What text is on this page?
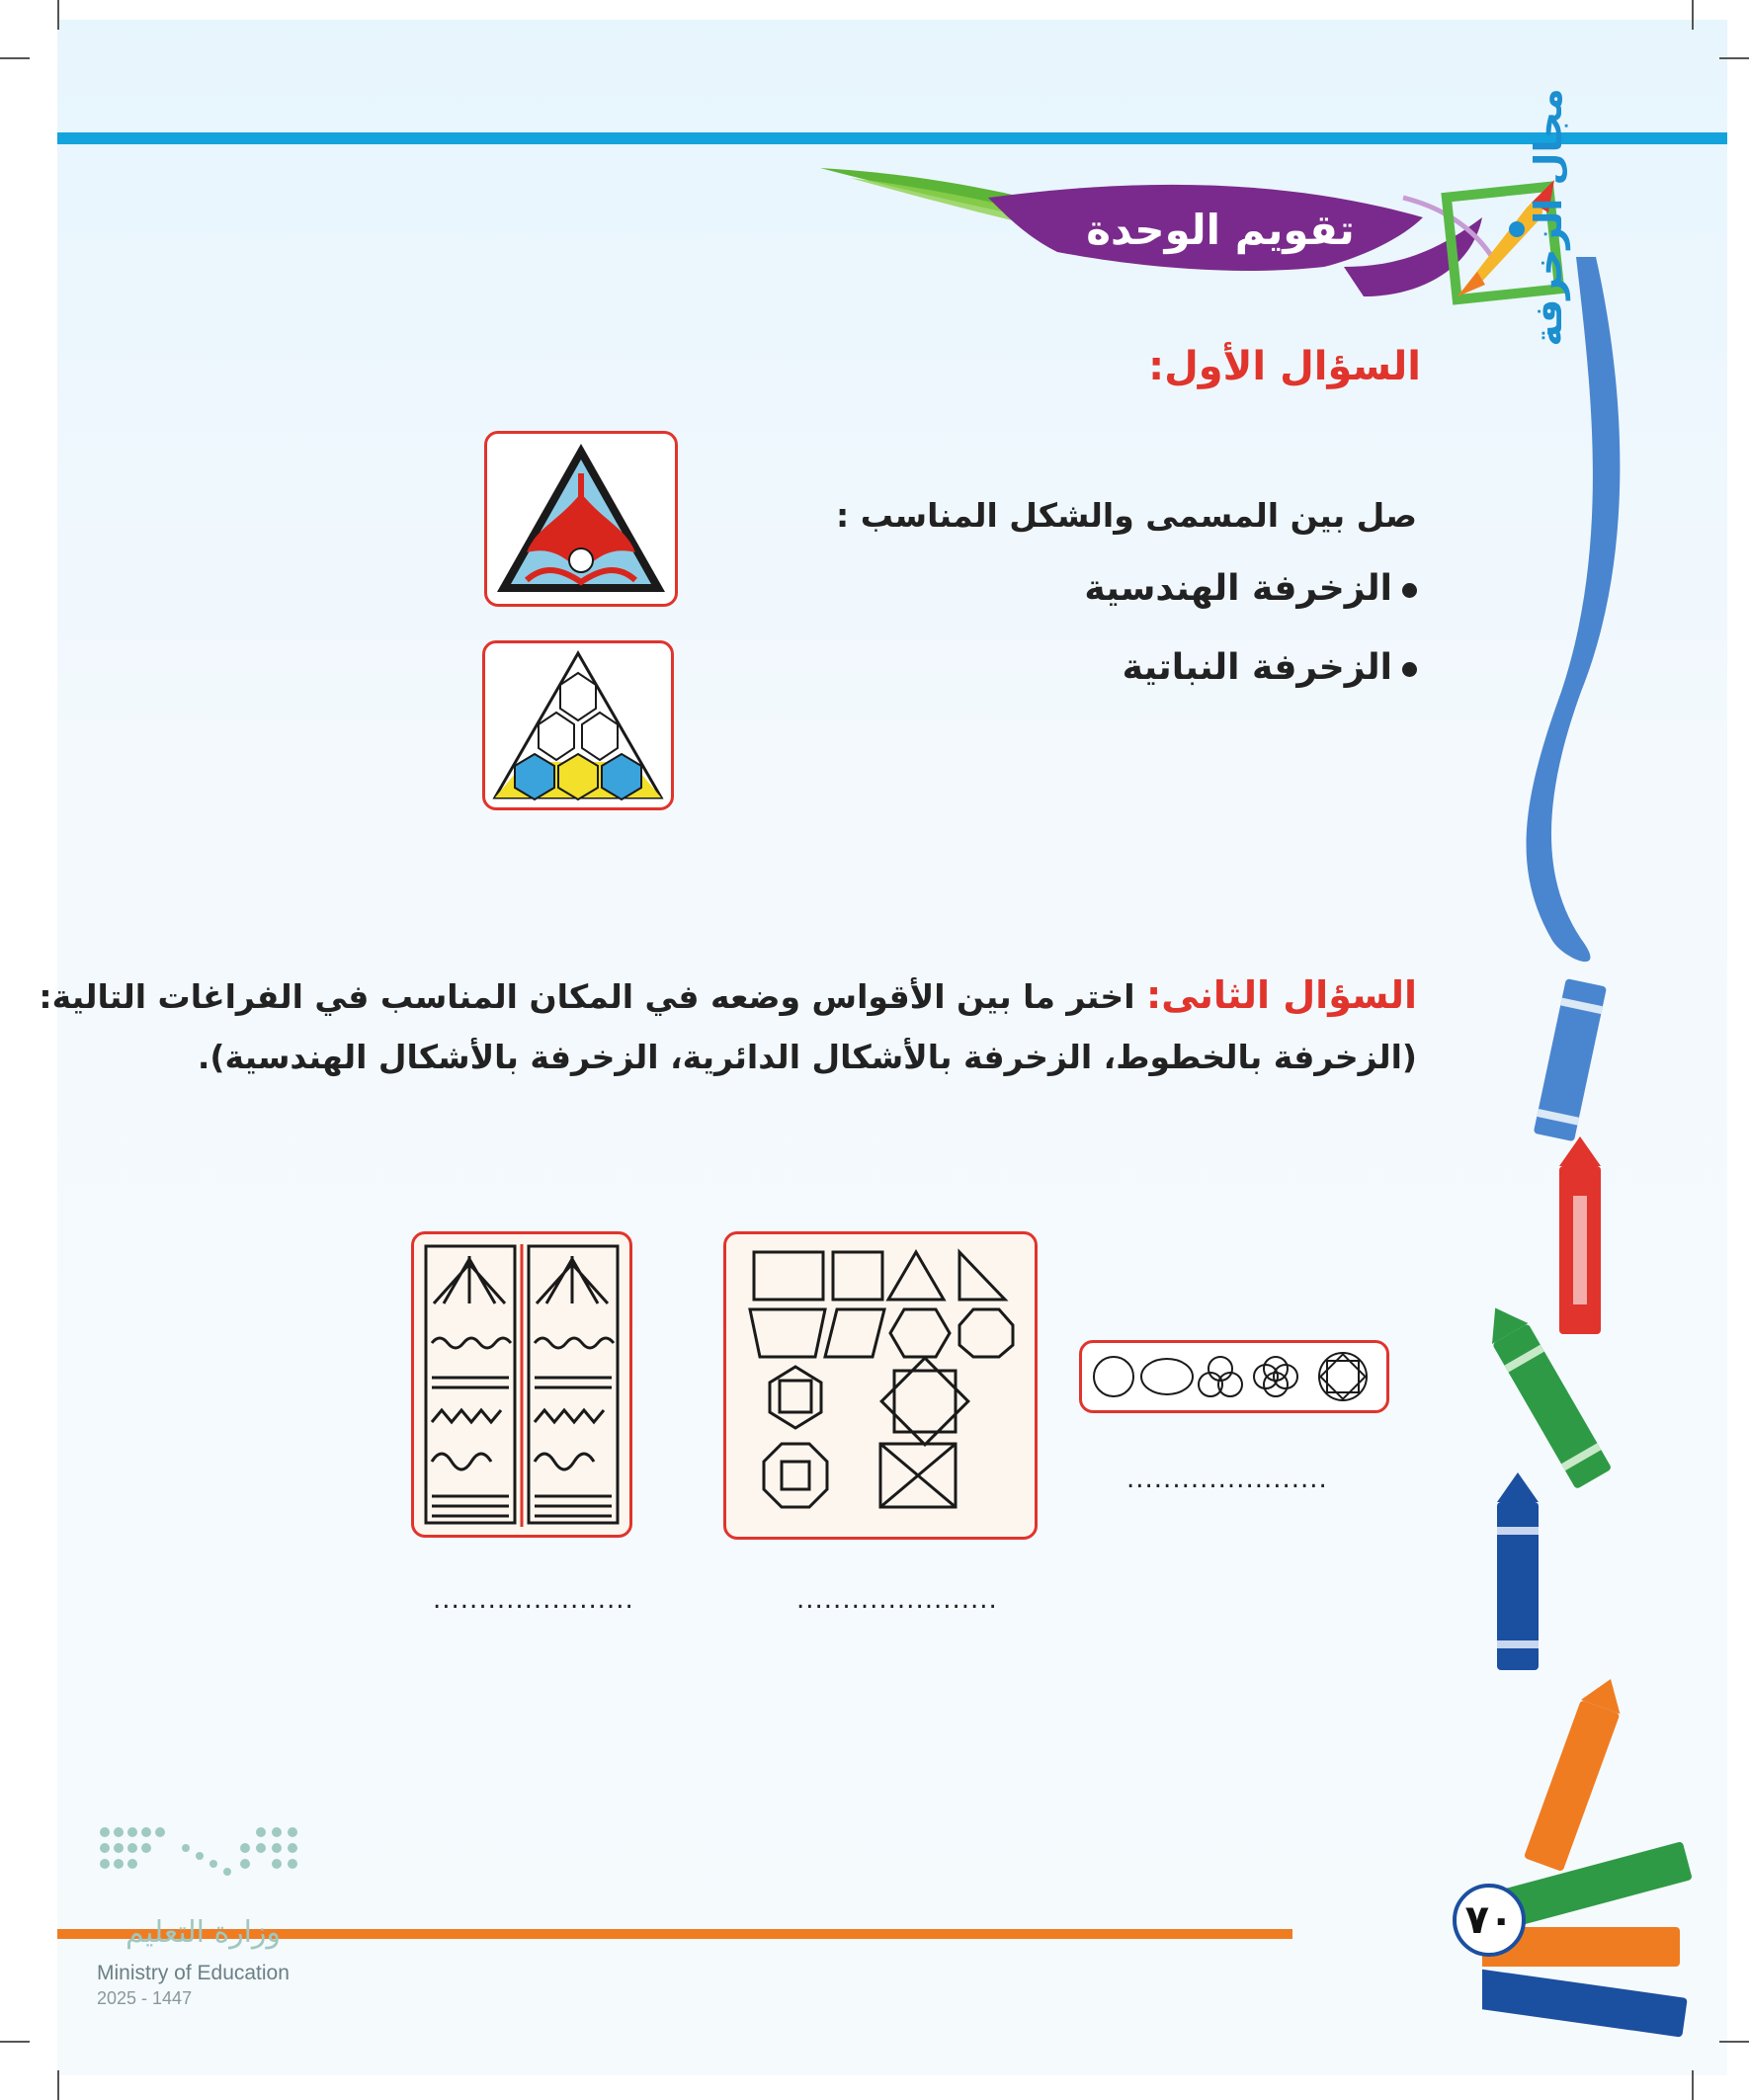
تقويم الوحدة	مجال الزخرفة
السؤال الأول:
صل بين المسمى والشكل المناسب :
الزخرفة الهندسية
الزخرفة النباتية
السؤال الثانى: اختر ما بين الأقواس وضعه في المكان المناسب في الفراغات التالية:
(الزخرفة بالخطوط، الزخرفة بالأشكال الدائرية، الزخرفة بالأشكال الهندسية).
......................
......................
......................
٧٠
وزارة التعليم
Ministry of Education
2025 - 1447
